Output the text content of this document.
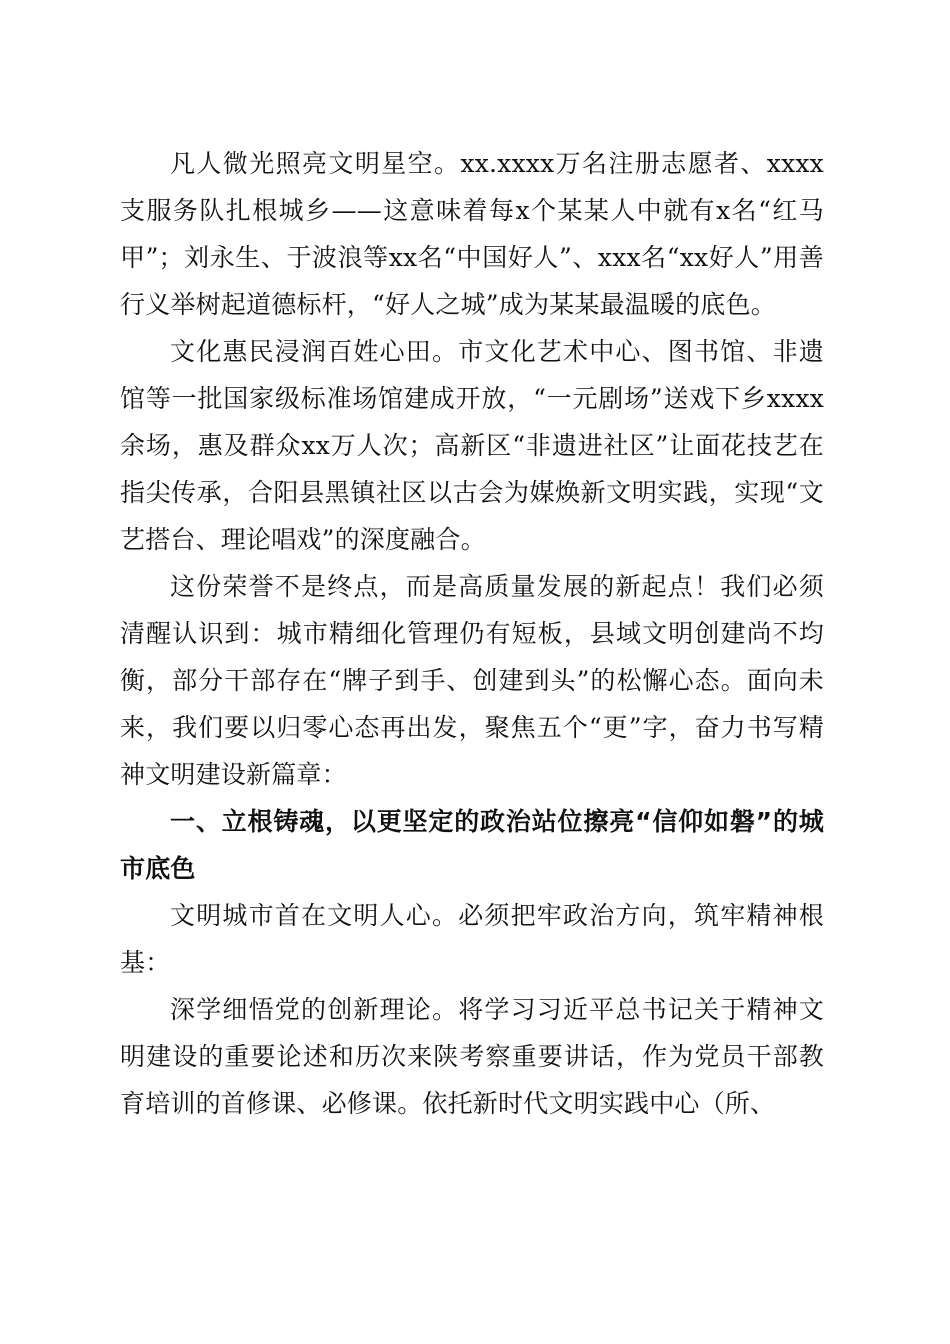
凡人微光照亮文明星空。xx.xxxx万名注册志愿者、xxxx支服务队扎根城乡——这意味着每x个某某人中就有x名“红马甲”；刘永生、于波浪等xx名“中国好人”、xxx名“xx好人”用善行义举树起道德标杆，“好人之城”成为某某最温暖的底色。

文化惠民浸润百姓心田。市文化艺术中心、图书馆、非遗馆等一批国家级标准场馆建成开放，“一元剧场”送戏下乡xxxx余场，惠及群众xx万人次；高新区“非遗进社区”让面花技艺在指尖传承，合阳县黑镇社区以古会为媒焕新文明实践，实现“文艺搭台、理论唱戏”的深度融合。

这份荣誉不是终点，而是高质量发展的新起点！我们必须清醒认识到：城市精细化管理仍有短板，县域文明创建尚不均衡，部分干部存在“牌子到手、创建到头”的松懈心态。面向未来，我们要以归零心态再出发，聚焦五个“更”字，奋力书写精神文明建设新篇章：

一、立根铸魂，以更坚定的政治站位擦亮“信仰如磐”的城市底色

文明城市首在文明人心。必须把牢政治方向，筑牢精神根基：

深学细悟党的创新理论。将学习习近平总书记关于精神文明建设的重要论述和历次来陕考察重要讲话，作为党员干部教育培训的首修课、必修课。依托新时代文明实践中心（所、
